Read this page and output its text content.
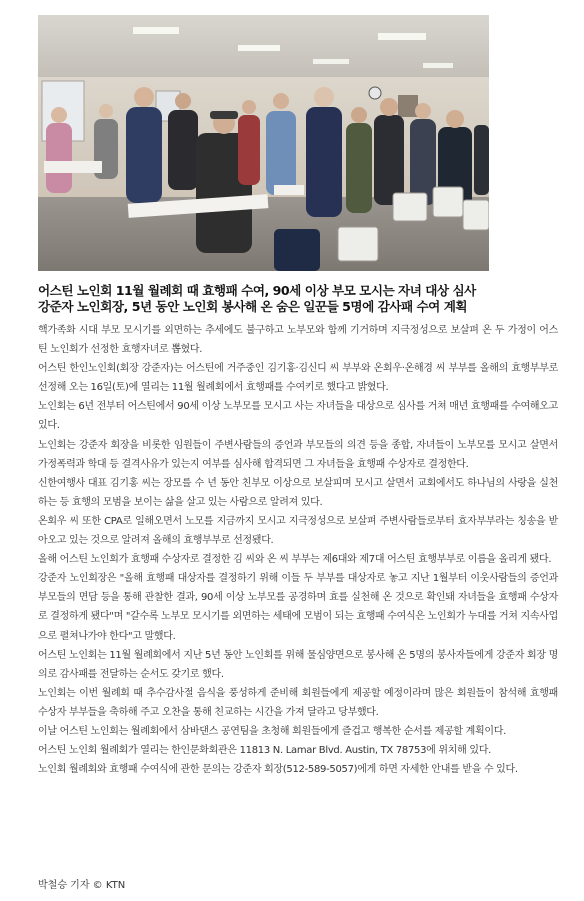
어스틴 노인회 11월 월례회 때 효행패 수여, 90세 이상 부모 모시는 자녀 대상 심사
강준자 노인회장, 5년 동안 노인회 봉사해 온 숨은 일꾼들 5명에 감사패 수여 계획

핵가족화 시대 부모 모시기를 외면하는 추세에도 불구하고 노부모와 함께 기거하며 지극정성으로 보살펴 온 두 가정이 어스틴 노인회가 선정한 효행자녀로 뽑혔다.

어스틴 한인노인회(회장 강준자)는 어스틴에 거주중인 김기홍·김신디 씨 부부와 온회우·온해경 씨 부부를 올해의 효행부부로 선정해 오는 16일(토)에 열리는 11월 월례회에서 효행패를 수여키로 했다고 밝혔다.

노인회는 6년 전부터 어스틴에서 90세 이상 노부모를 모시고 사는 자녀들을 대상으로 심사를 거쳐 매년 효행패를 수여해오고 있다.

노인회는 강준자 회장을 비롯한 임원들이 주변사람들의 증언과 부모들의 의견 등을 종합, 자녀들이 노부모를 모시고 살면서 가정폭력과 학대 등 결격사유가 있는지 여부를 심사해 합격되면 그 자녀들을 효행패 수상자로 결정한다.

신한여행사 대표 김기홍 씨는 장모를 수 년 동안 친부모 이상으로 보살피며 모시고 살면서 교회에서도 하나님의 사랑을 실천하는 등 효행의 모범을 보이는 삶을 살고 있는 사람으로 알려져 있다.

온회우 씨 또한 CPA로 일해오면서 노모를 지금까지 모시고 지극정성으로 보살펴 주변사람들로부터 효자부부라는 칭송을 받아오고 있는 것으로 알려져 올해의 효행부부로 선정됐다.

올해 어스틴 노인회가 효행패 수상자로 결정한 김 씨와 온 씨 부부는 제6대와 제7대 어스틴 효행부부로 이름을 올리게 됐다.

강준자 노인회장은 "올해 효행패 대상자를 결정하기 위해 이들 두 부부를 대상자로 놓고 지난 1월부터 이웃사람들의 증언과 부모들의 면담 등을 통해 관찰한 결과, 90세 이상 노부모를 공경하며 효를 실천해 온 것으로 확인돼 자녀들을 효행패 수상자로 결정하게 됐다"며 "갈수록 노부모 모시기를 외면하는 세태에 모범이 되는 효행패 수여식은 노인회가 누대를 거쳐 지속사업으로 펼쳐나가야 한다"고 말했다.

어스틴 노인회는 11월 월례회에서 지난 5년 동안 노인회를 위해 물심양면으로 봉사해 온 5명의 봉사자들에게 강준자 회장 명의로 감사패를 전달하는 순서도 갖기로 했다.

노인회는 이번 월례회 때 추수감사절 음식을 풍성하게 준비해 회원들에게 제공할 예정이라며 많은 회원들이 참석해 효행패 수상자 부부들을 축하해 주고 오찬을 통해 친교하는 시간을 가져 달라고 당부했다.

이날 어스틴 노인회는 월례회에서 삼바댄스 공연팀을 초청해 회원들에게 즐겁고 행복한 순서를 제공할 계획이다.

어스틴 노인회 월례회가 열리는 한인문화회관은 11813 N. Lamar Blvd. Austin, TX 78753에 위치해 있다.

노인회 월례회와 효행패 수여식에 관한 문의는 강준자 회장(512-589-5057)에게 하면 자세한 안내를 받을 수 있다.

박철승 기자 © KTN
